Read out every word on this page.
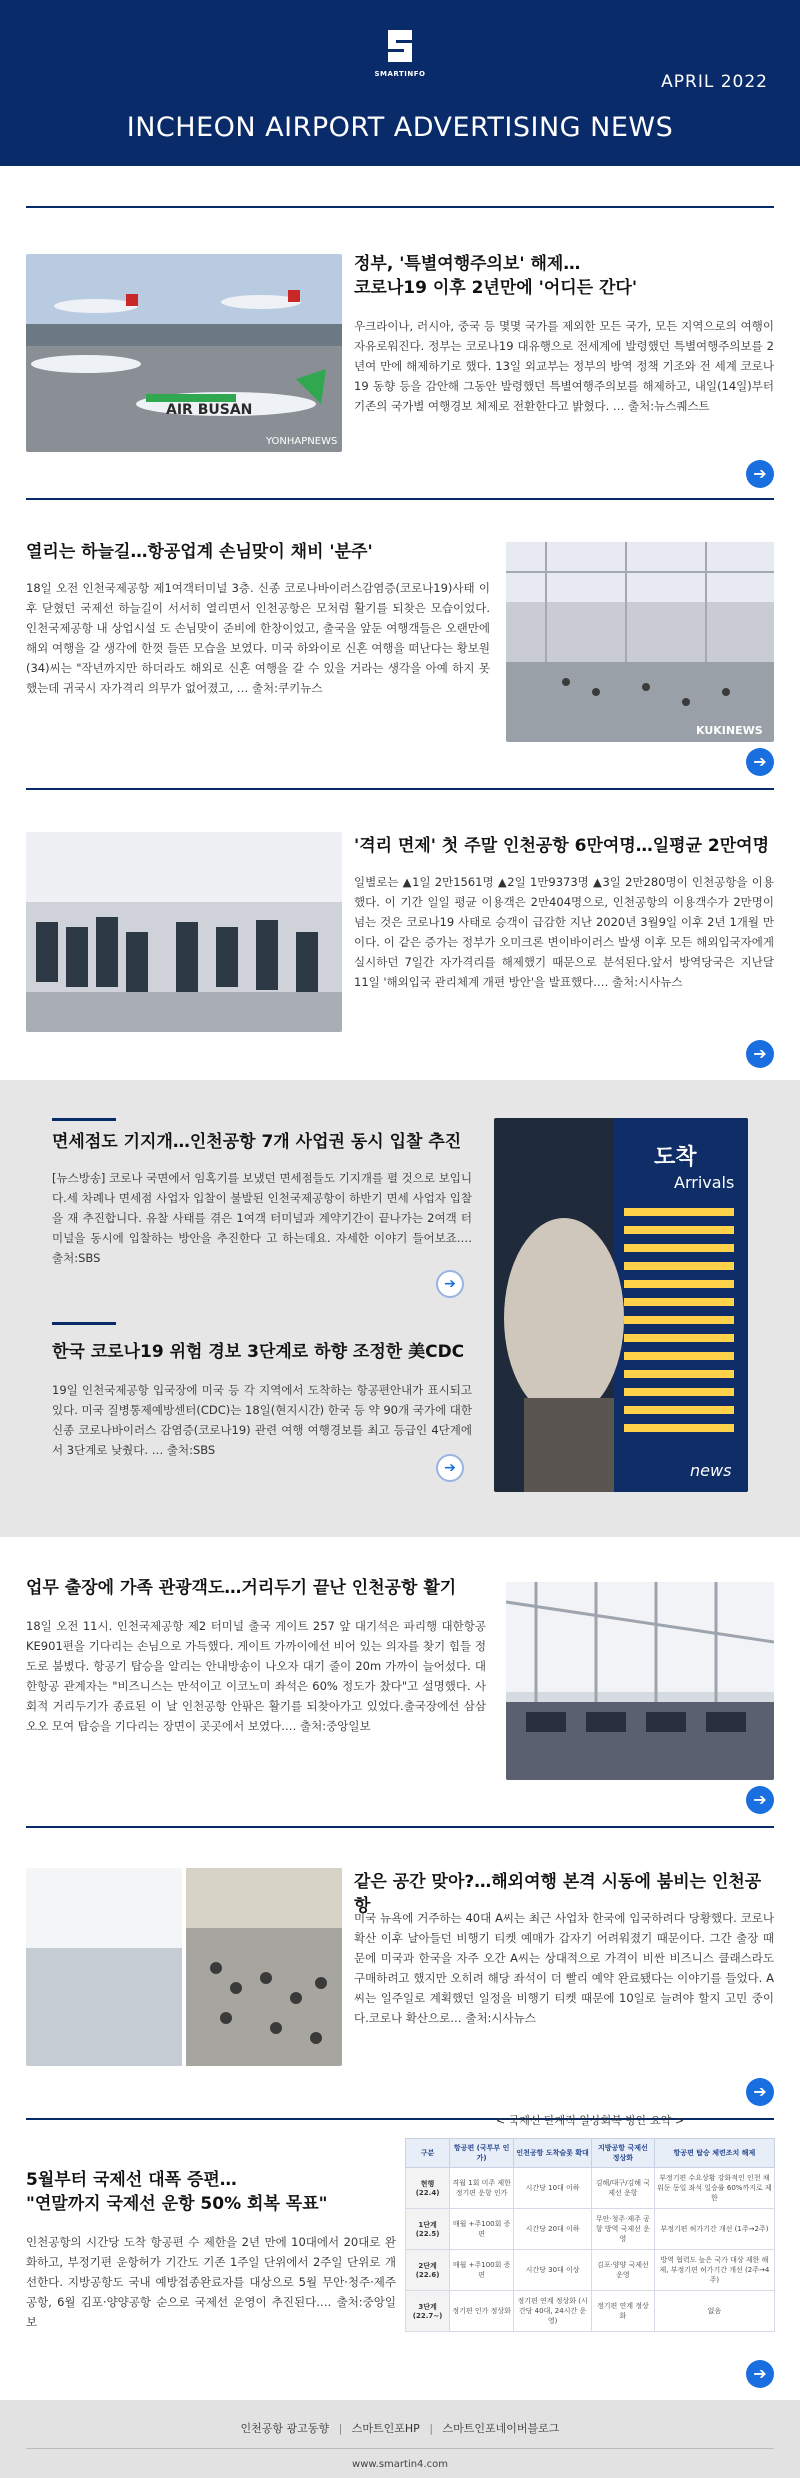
SMARTINFO	APRIL 2022
INCHEON AIRPORT ADVERTISING NEWS
AIR BUSAN
YONHAPNEWS
정부, '특별여행주의보' 해제…
코로나19 이후 2년만에 '어디든 간다'
우크라이나, 러시아, 중국 등 몇몇 국가를 제외한 모든 국가, 모든 지역으로의 여행이 자유로워진다. 정부는 코로나19 대유행으로 전세계에 발령했던 특별여행주의보를 2년여 만에 해제하기로 했다. 13일 외교부는 정부의 방역 정책 기조와 전 세계 코로나19 동향 등을 감안해 그동안 발령했던 특별여행주의보를 해제하고, 내일(14일)부터 기존의 국가별 여행경보 체제로 전환한다고 밝혔다. … 출처:뉴스퀘스트
➔
열리는 하늘길…항공업계 손님맞이 채비 '분주'
18일 오전 인천국제공항 제1여객터미널 3층. 신종 코로나바이러스감염증(코로나19)사태 이후 닫혔던 국제선 하늘길이 서서히 열리면서 인천공항은 모처럼 활기를 되찾은 모습이었다. 인천국제공항 내 상업시설 도 손님맞이 준비에 한창이었고, 출국을 앞둔 여행객들은 오랜만에 해외 여행을 갈 생각에 한껏 들뜬 모습을 보였다. 미국 하와이로 신혼 여행을 떠난다는 황보원(34)씨는 "작년까지만 하더라도 해외로 신혼 여행을 갈 수 있을 거라는 생각을 아예 하지 못했는데 귀국시 자가격리 의무가 없어졌고, … 출처:쿠키뉴스
KUKINEWS
➔
'격리 면제' 첫 주말 인천공항 6만여명…일평균 2만여명
일별로는 ▲1일 2만1561명 ▲2일 1만9373명 ▲3일 2만280명이 인천공항을 이용했다. 이 기간 일일 평균 이용객은 2만404명으로, 인천공항의 이용객수가 2만명이 넘는 것은 코로나19 사태로 승객이 급감한 지난 2020년 3월9일 이후 2년 1개월 만이다. 이 같은 증가는 정부가 오미크론 변이바이러스 발생 이후 모든 해외입국자에게 실시하던 7일간 자가격리를 해제했기 때문으로 분석된다.앞서 방역당국은 지난달 11일 '해외입국 관리체계 개편 방안'을 발표했다.… 출처:시사뉴스
➔
면세점도 기지개…인천공항 7개 사업권 동시 입찰 추진
[뉴스방송] 코로나 국면에서 임혹기를 보냈던 면세점들도 기지개를 펼 것으로 보입니다.세 차례나 면세점 사업자 입찰이 불발된 인천국제공항이 하반기 면세 사업자 입찰을 재 추진합니다. 유찰 사태를 겪은 1여객 터미널과 계약기간이 끝나가는 2여객 터미널을 동시에 입찰하는 방안을 추진한다 고 하는데요. 자세한 이야기 들어보죠.… 출처:SBS
➔
한국 코로나19 위험 경보 3단계로 하향 조정한 美CDC
19일 인천국제공항 입국장에 미국 등 각 지역에서 도착하는 항공편안내가 표시되고 있다. 미국 질병통제예방센터(CDC)는 18일(현지시간) 한국 등 약 90개 국가에 대한 신종 코로나바이러스 감염증(코로나19) 관련 여행 여행경보를 최고 등급인 4단계에서 3단계로 낮췄다. … 출처:SBS
➔
도착
Arrivals
news
업무 출장에 가족 관광객도…거리두기 끝난 인천공항 활기
18일 오전 11시. 인천국제공항 제2 터미널 출국 게이트 257 앞 대기석은 파리행 대한항공 KE901편을 기다리는 손님으로 가득했다. 게이트 가까이에선 비어 있는 의자를 찾기 힘들 정도로 붐볐다. 항공기 탑승을 알리는 안내방송이 나오자 대기 줄이 20m 가까이 늘어섰다. 대한항공 관계자는 "비즈니스는 만석이고 이코노미 좌석은 60% 정도가 찼다"고 설명했다. 사회적 거리두기가 종료된 이 날 인천공항 안팎은 활기를 되찾아가고 있었다.출국장에선 삼삼오오 모여 탑승을 기다리는 장면이 곳곳에서 보였다.… 출처:중앙일보
➔
같은 공간 맞아?…해외여행 본격 시동에 붐비는 인천공항
미국 뉴욕에 거주하는 40대 A씨는 최근 사업차 한국에 입국하려다 당황했다. 코로나 확산 이후 날아들던 비행기 티켓 예매가 갑자기 어려워졌기 때문이다. 그간 출장 때문에 미국과 한국을 자주 오간 A씨는 상대적으로 가격이 비싼 비즈니스 클래스라도 구매하려고 했지만 오히려 해당 좌석이 더 빨리 예약 완료됐다는 이야기를 들었다. A씨는 일주일로 계획했던 일정을 비행기 티켓 때문에 10일로 늘려야 할지 고민 중이다.코로나 확산으로… 출처:시사뉴스
➔
5월부터 국제선 대폭 증편…
"연말까지 국제선 운항 50% 회복 목표"
인천공항의 시간당 도착 항공편 수 제한을 2년 만에 10대에서 20대로 완화하고, 부정기편 운항허가 기간도 기존 1주일 단위에서 2주일 단위로 개선한다. 지방공항도 국내 예방접종완료자를 대상으로 5월 무안·청주·제주공항, 6월 김포·양양공항 순으로 국제선 운영이 추진된다.… 출처:중앙일보
< 국제선 단계적 일상회복 방안 요약 >
구분	항공편 (국투부 인가)	인천공항 도착슬롯 확대	지방공항 국제선 정상화	항공편 탑승 체련조치 해제
현행 (22.4)	격월 1회 미주 제한 정기편 운항 인가	시간당 10대 이하	김해/대구/김해 국제선 운항	부정기편 수요상황 강화적인 인천 채워둔 동일 좌석 일승률 60%까지로 제한
1단계 (22.5)	매월 +주100회 증편	시간당 20대 이하	무안·청주·제주 공항 방역 국제선 운영	부정기편 허가기간 개선 (1주→2주)
2단계 (22.6)	매월 +주100회 증편	시간당 30대 이상	김포·양양 국제선 운영	방역 협력도 높은 국가 대상 제한 해제, 부정기편 허가기간 개선 (2주→4주)
3단계 (22.7~)	정기편 인가 정상화	정기편 연계 정상화 (시간당 40대, 24시간 운영)	정기편 연계 정상화	없음
➔
인천공항 광고동향 | 스마트인포HP | 스마트인포네이버블로그
www.smartin4.com
